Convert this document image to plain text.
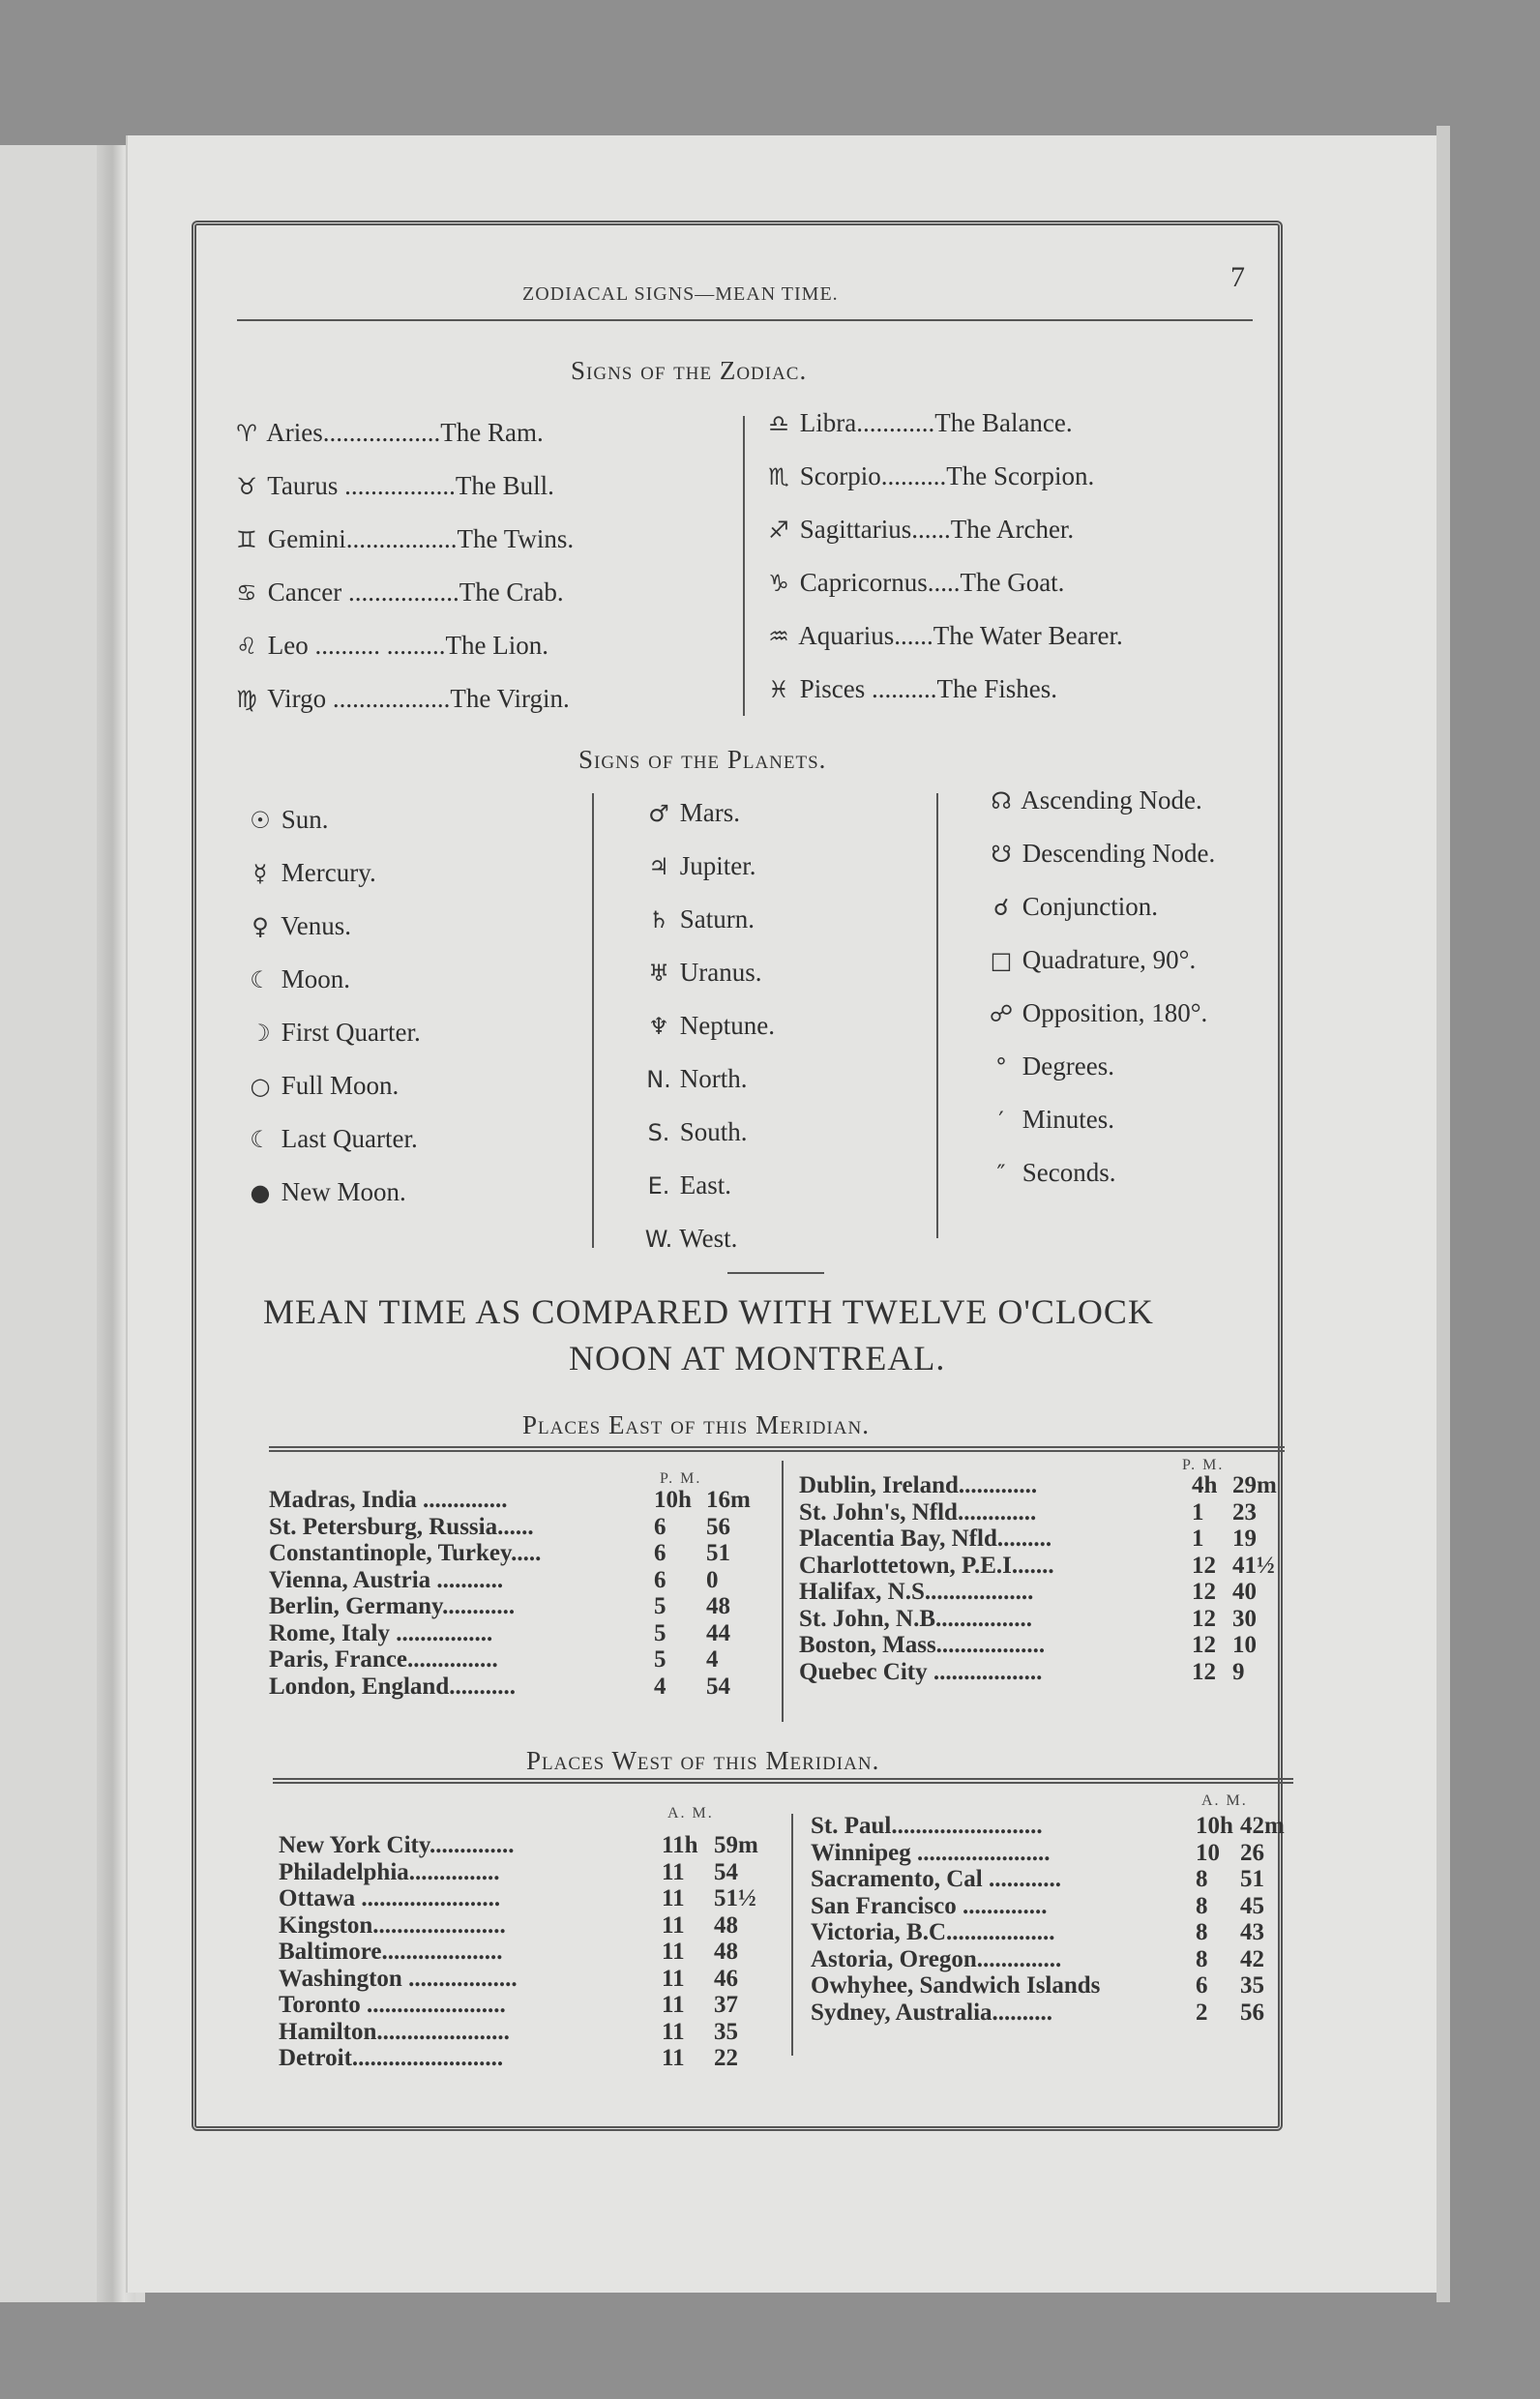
ZODIACAL SIGNS—MEAN TIME.
7
Signs of the Zodiac.
♈ Aries..................The Ram.
♉ Taurus .................The Bull.
♊ Gemini.................The Twins.
♋ Cancer .................The Crab.
♌ Leo .......... .........The Lion.
♍ Virgo ..................The Virgin.
♎ Libra............The Balance.
♏ Scorpio..........The Scorpion.
♐ Sagittarius......The Archer.
♑ Capricornus.....The Goat.
♒ Aquarius......The Water Bearer.
♓ Pisces ..........The Fishes.
Signs of the Planets.
☉ Sun.
☿ Mercury.
♀ Venus.
☾ Moon.
☽ First Quarter.
○ Full Moon.
☾ Last Quarter.
● New Moon.
♂ Mars.
♃ Jupiter.
♄ Saturn.
♅ Uranus.
♆ Neptune.
N. North.
S. South.
E. East.
W. West.
☊ Ascending Node.
☋ Descending Node.
☌ Conjunction.
□ Quadrature, 90°.
☍ Opposition, 180°.
° Degrees.
′ Minutes.
″ Seconds.
MEAN TIME AS COMPARED WITH TWELVE O'CLOCK
NOON AT MONTREAL.
Places East of this Meridian.
P. M.
P. M.
Madras, India ..............	10h 16m
St. Petersburg, Russia......	6 56
Constantinople, Turkey.....	6 51
Vienna, Austria ...........	6 0
Berlin, Germany............	5 48
Rome, Italy ................	5 44
Paris, France...............	5 4
London, England...........	4 54
Dublin, Ireland.............	4h 29m
St. John's, Nfld.............	1 23
Placentia Bay, Nfld.........	1 19
Charlottetown, P.E.I.......	12 41½
Halifax, N.S..................	12 40
St. John, N.B................	12 30
Boston, Mass..................	12 10
Quebec City ..................	12 9
Places West of this Meridian.
A. M.
A. M.
New York City..............	11h 59m
Philadelphia...............	11 54
Ottawa .......................	11 51½
Kingston......................	11 48
Baltimore....................	11 48
Washington ..................	11 46
Toronto .......................	11 37
Hamilton......................	11 35
Detroit.........................	11 22
St. Paul.........................	10h 42m
Winnipeg ......................	10 26
Sacramento, Cal ............	8 51
San Francisco ..............	8 45
Victoria, B.C..................	8 43
Astoria, Oregon..............	8 42
Owhyhee, Sandwich Islands	6 35
Sydney, Australia..........	2 56
